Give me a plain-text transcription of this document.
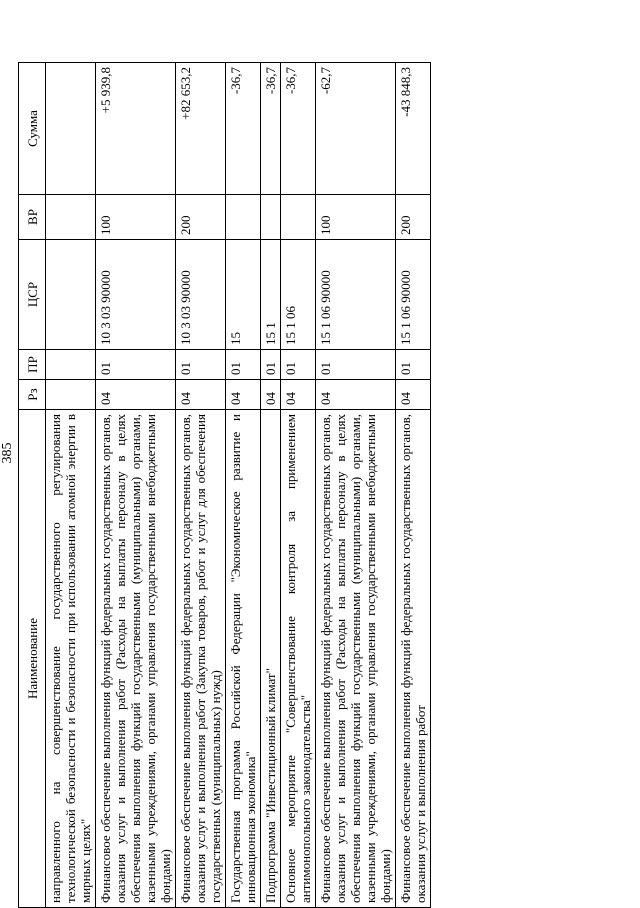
385
Наименование	Рз	ПР	ЦСР	ВР	Сумма
направленного на совершенствование государственного регулирования технологической безопасности и безопасности при использовании атомной энергии в мирных целях"					
Финансовое обеспечение выполнения функций федеральных государственных органов, оказания услуг и выполнения работ (Расходы на выплаты персоналу в целях обеспечения выполнения функций государственными (муниципальными) органами, казенными учреждениями, органами управления государственными внебюджетными фондами)	04	01	10 3 03 90000	100	+5 939,8
Финансовое обеспечение выполнения функций федеральных государственных органов, оказания услуг и выполнения работ (Закупка товаров, работ и услуг для обеспечения государственных (муниципальных) нужд)	04	01	10 3 03 90000	200	+82 653,2
Государственная программа Российской Федерации "Экономическое развитие и инновационная экономика"	04	01	15		-36,7
Подпрограмма "Инвестиционный климат"	04	01	15 1		-36,7
Основное мероприятие "Совершенствование контроля за применением антимонопольного законодательства"	04	01	15 1 06		-36,7
Финансовое обеспечение выполнения функций федеральных государственных органов, оказания услуг и выполнения работ (Расходы на выплаты персоналу в целях обеспечения выполнения функций государственными (муниципальными) органами, казенными учреждениями, органами управления государственными внебюджетными фондами)	04	01	15 1 06 90000	100	-62,7
Финансовое обеспечение выполнения функций федеральных государственных органов, оказания услуг и выполнения работ	04	01	15 1 06 90000	200	-43 848,3
